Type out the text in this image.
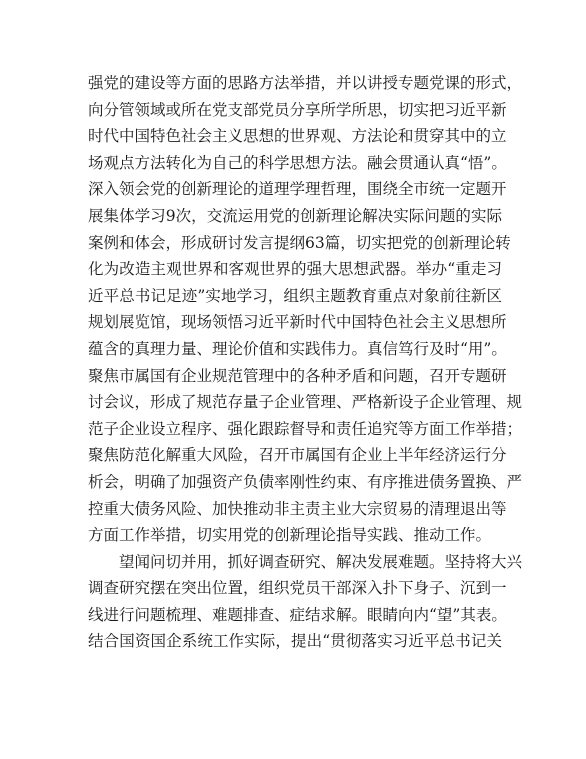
强党的建设等方面的思路方法举措，并以讲授专题党课的形式，
向分管领域或所在党支部党员分享所学所思，切实把习近平新
时代中国特色社会主义思想的世界观、方法论和贯穿其中的立
场观点方法转化为自己的科学思想方法。融会贯通认真“悟”。
深入领会党的创新理论的道理学理哲理，围绕全市统一定题开
展集体学习9次，交流运用党的创新理论解决实际问题的实际
案例和体会，形成研讨发言提纲63篇，切实把党的创新理论转
化为改造主观世界和客观世界的强大思想武器。举办“重走习
近平总书记足迹”实地学习，组织主题教育重点对象前往新区
规划展览馆，现场领悟习近平新时代中国特色社会主义思想所
蕴含的真理力量、理论价值和实践伟力。真信笃行及时“用”。
聚焦市属国有企业规范管理中的各种矛盾和问题，召开专题研
讨会议，形成了规范存量子企业管理、严格新设子企业管理、规
范子企业设立程序、强化跟踪督导和责任追究等方面工作举措；
聚焦防范化解重大风险，召开市属国有企业上半年经济运行分
析会，明确了加强资产负债率刚性约束、有序推进债务置换、严
控重大债务风险、加快推动非主责主业大宗贸易的清理退出等
方面工作举措，切实用党的创新理论指导实践、推动工作。
望闻问切并用，抓好调查研究、解决发展难题。坚持将大兴
调查研究摆在突出位置，组织党员干部深入扑下身子、沉到一
线进行问题梳理、难题排查、症结求解。眼睛向内“望”其表。
结合国资国企系统工作实际，提出“贯彻落实习近平总书记关
